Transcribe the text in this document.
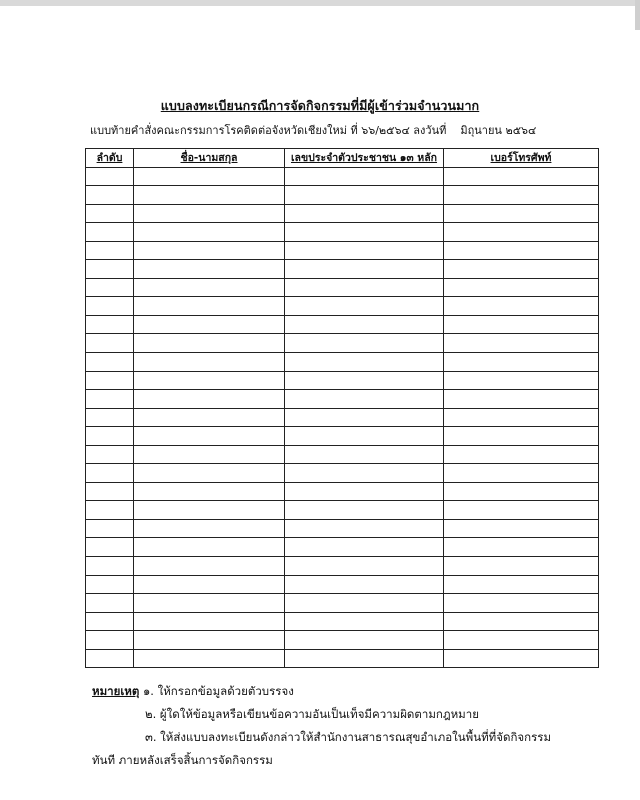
แบบลงทะเบียนกรณีการจัดกิจกรรมที่มีผู้เข้าร่วมจำนวนมาก
แบบท้ายคำสั่งคณะกรรมการโรคติดต่อจังหวัดเชียงใหม่ ที่ ๖๖/๒๕๖๔ ลงวันที่ มิถุนายน ๒๕๖๔
ลำดับ	ชื่อ-นามสกุล	เลขประจำตัวประชาชน ๑๓ หลัก	เบอร์โทรศัพท์

หมายเหตุ ๑. ให้กรอกข้อมูลด้วยตัวบรรจง
๒. ผู้ใดให้ข้อมูลหรือเขียนข้อความอันเป็นเท็จมีความผิดตามกฎหมาย
๓. ให้ส่งแบบลงทะเบียนดังกล่าวให้สำนักงานสาธารณสุขอำเภอในพื้นที่ที่จัดกิจกรรม
ทันที ภายหลังเสร็จสิ้นการจัดกิจกรรม
